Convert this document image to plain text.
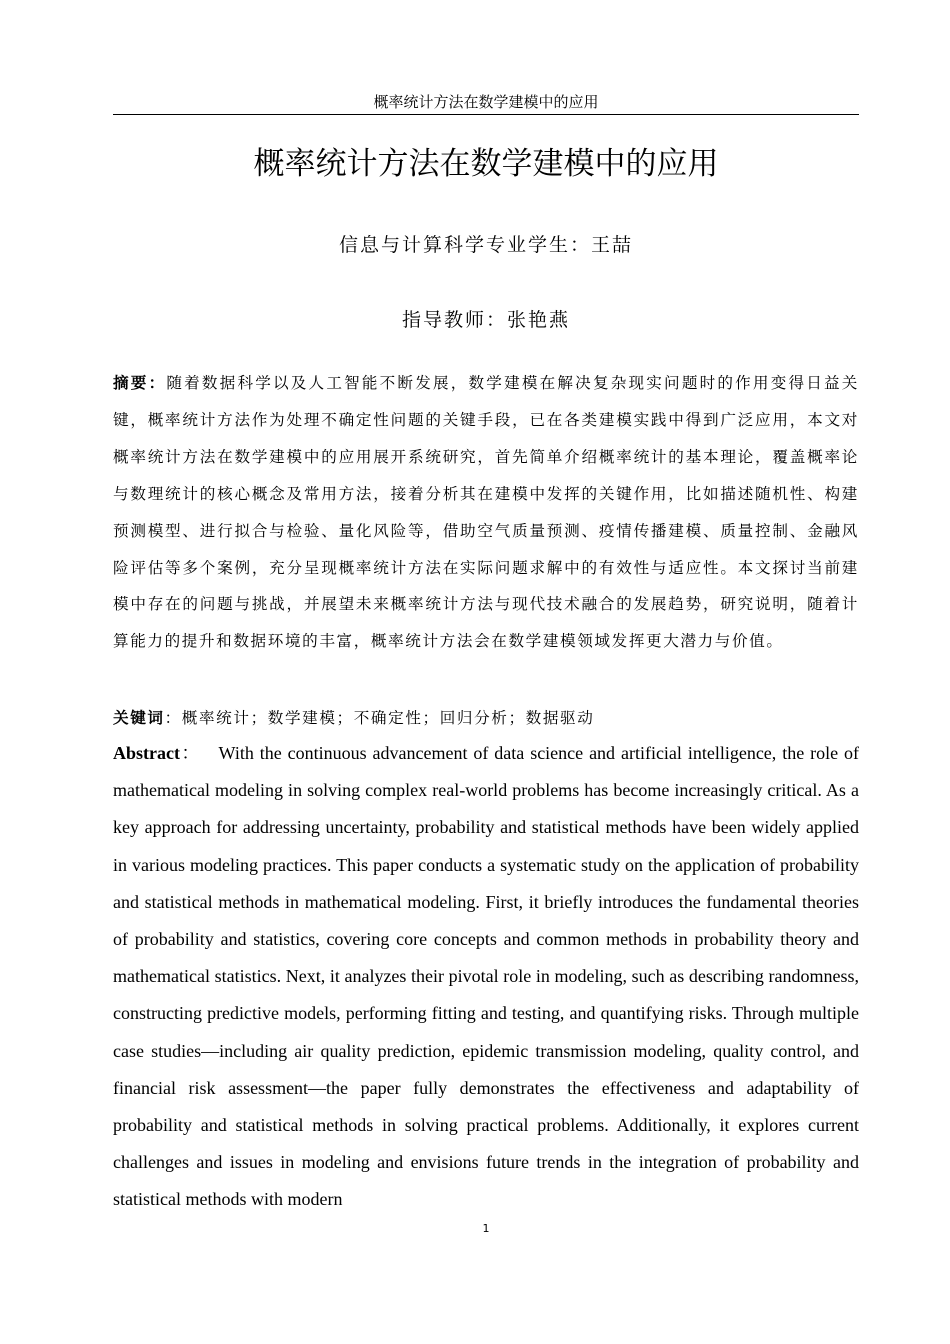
概率统计方法在数学建模中的应用
概率统计方法在数学建模中的应用
信息与计算科学专业学生：王喆
指导教师：张艳燕

摘要：随着数据科学以及人工智能不断发展，数学建模在解决复杂现实问题时的作用变得日益关键，概率统计方法作为处理不确定性问题的关键手段，已在各类建模实践中得到广泛应用，本文对概率统计方法在数学建模中的应用展开系统研究，首先简单介绍概率统计的基本理论，覆盖概率论与数理统计的核心概念及常用方法，接着分析其在建模中发挥的关键作用，比如描述随机性、构建预测模型、进行拟合与检验、量化风险等，借助空气质量预测、疫情传播建模、质量控制、金融风险评估等多个案例，充分呈现概率统计方法在实际问题求解中的有效性与适应性。本文探讨当前建模中存在的问题与挑战，并展望未来概率统计方法与现代技术融合的发展趋势，研究说明，随着计算能力的提升和数据环境的丰富，概率统计方法会在数学建模领域发挥更大潜力与价值。

关键词：概率统计；数学建模；不确定性；回归分析；数据驱动

Abstract： With the continuous advancement of data science and artificial intelligence, the role of mathematical modeling in solving complex real-world problems has become increasingly critical. As a key approach for addressing uncertainty, probability and statistical methods have been widely applied in various modeling practices. This paper conducts a systematic study on the application of probability and statistical methods in mathematical modeling. First, it briefly introduces the fundamental theories of probability and statistics, covering core concepts and common methods in probability theory and mathematical statistics. Next, it analyzes their pivotal role in modeling, such as describing randomness, constructing predictive models, performing fitting and testing, and quantifying risks. Through multiple case studies—including air quality prediction, epidemic transmission modeling, quality control, and financial risk assessment—the paper fully demonstrates the effectiveness and adaptability of probability and statistical methods in solving practical problems. Additionally, it explores current challenges and issues in modeling and envisions future trends in the integration of probability and statistical methods with modern

1
